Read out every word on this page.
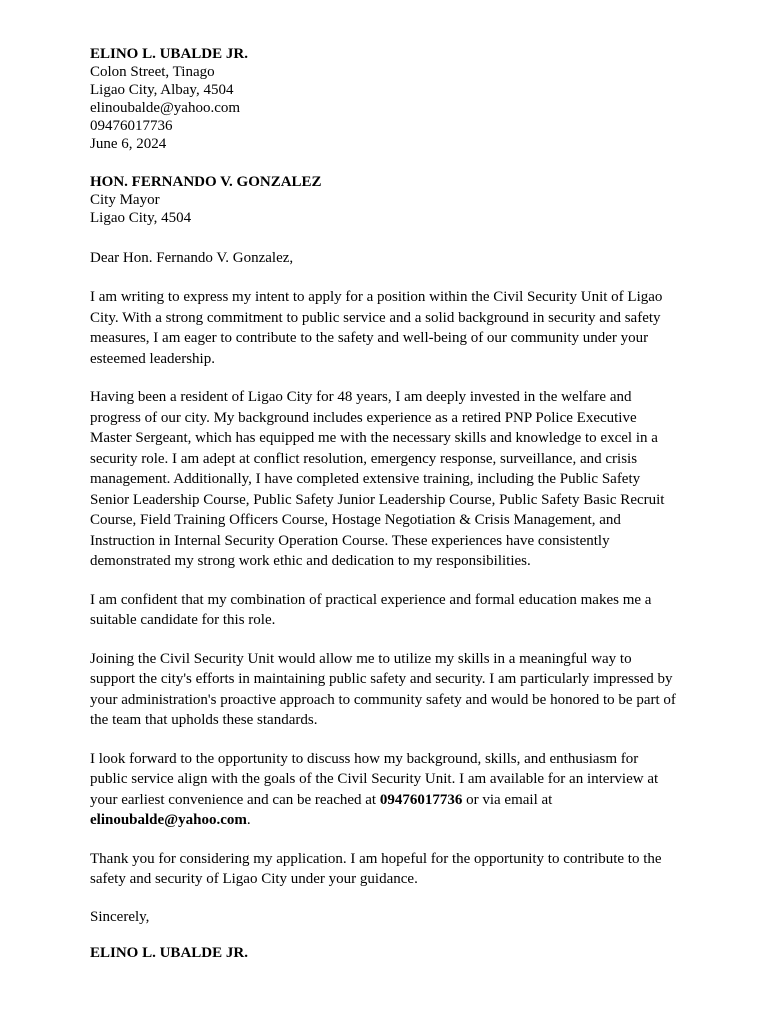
ELINO L. UBALDE JR.
Colon Street, Tinago
Ligao City, Albay, 4504
elinoubalde@yahoo.com
09476017736
June 6, 2024
HON. FERNANDO V. GONZALEZ
City Mayor
Ligao City, 4504
Dear Hon. Fernando V. Gonzalez,

I am writing to express my intent to apply for a position within the Civil Security Unit of Ligao City. With a strong commitment to public service and a solid background in security and safety measures, I am eager to contribute to the safety and well-being of our community under your esteemed leadership.

Having been a resident of Ligao City for 48 years, I am deeply invested in the welfare and progress of our city. My background includes experience as a retired PNP Police Executive Master Sergeant, which has equipped me with the necessary skills and knowledge to excel in a security role. I am adept at conflict resolution, emergency response, surveillance, and crisis management. Additionally, I have completed extensive training, including the Public Safety Senior Leadership Course, Public Safety Junior Leadership Course, Public Safety Basic Recruit Course, Field Training Officers Course, Hostage Negotiation & Crisis Management, and Instruction in Internal Security Operation Course. These experiences have consistently demonstrated my strong work ethic and dedication to my responsibilities.

I am confident that my combination of practical experience and formal education makes me a suitable candidate for this role.

Joining the Civil Security Unit would allow me to utilize my skills in a meaningful way to support the city's efforts in maintaining public safety and security. I am particularly impressed by your administration's proactive approach to community safety and would be honored to be part of the team that upholds these standards.

I look forward to the opportunity to discuss how my background, skills, and enthusiasm for public service align with the goals of the Civil Security Unit. I am available for an interview at your earliest convenience and can be reached at 09476017736 or via email at elinoubalde@yahoo.com.

Thank you for considering my application. I am hopeful for the opportunity to contribute to the safety and security of Ligao City under your guidance.

Sincerely,
ELINO L. UBALDE JR.
